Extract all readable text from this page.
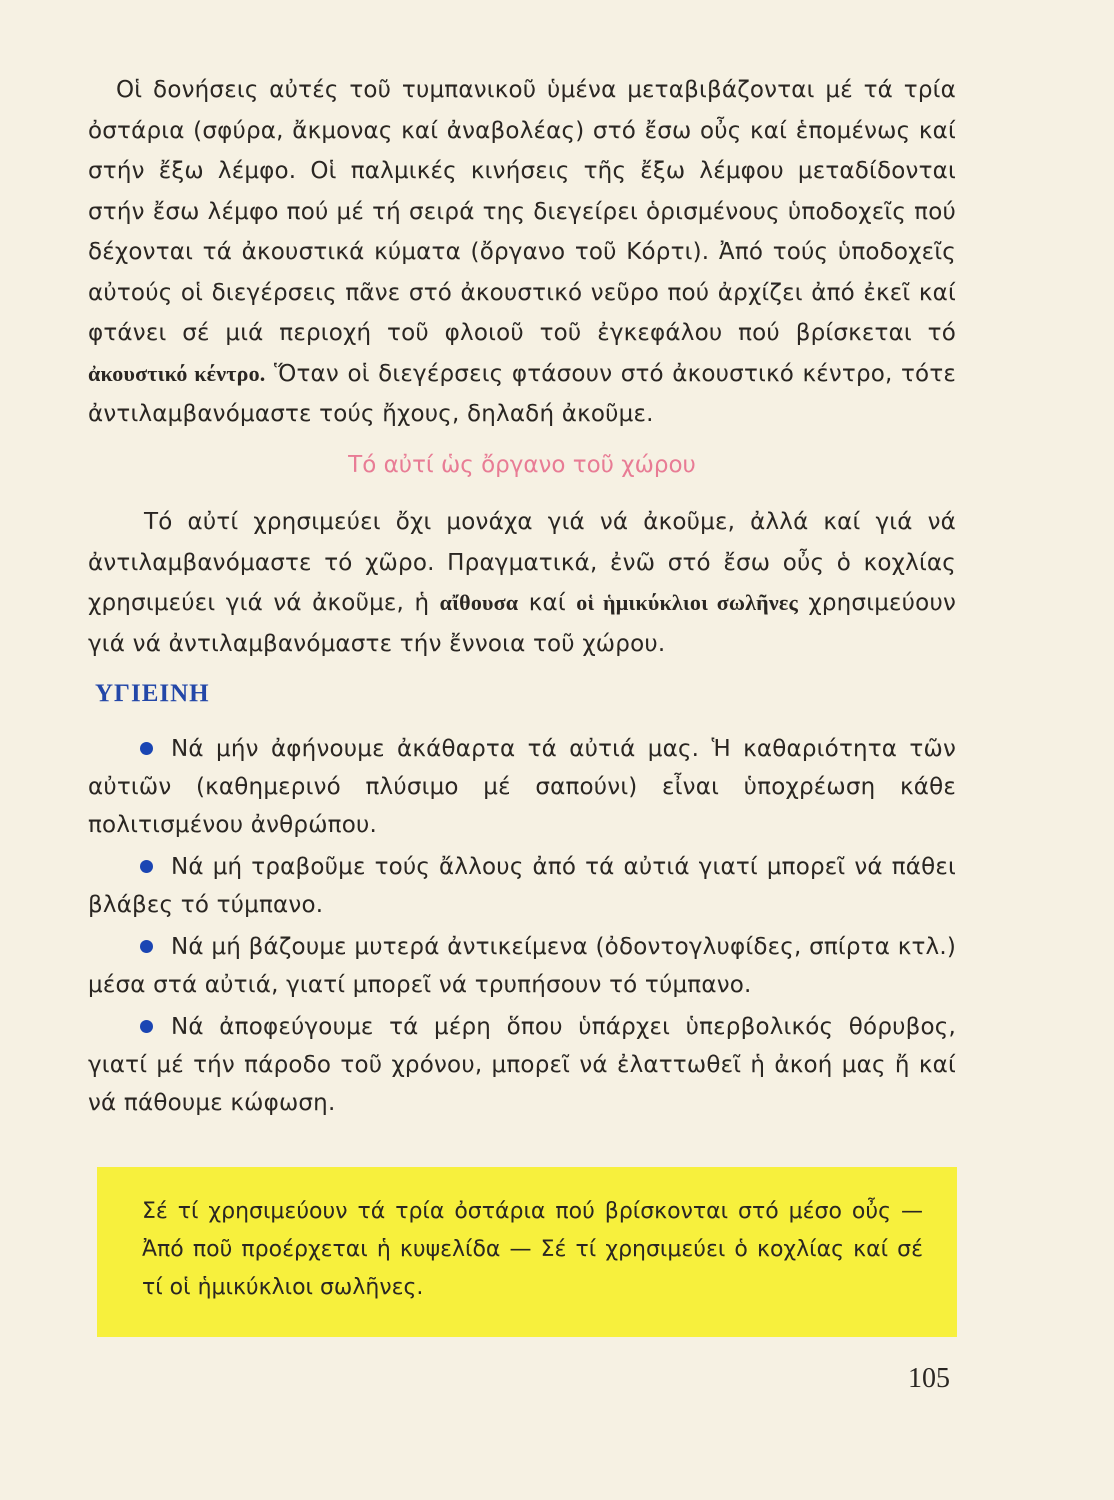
Οἱ δονήσεις αὐτές τοῦ τυμπανικοῦ ὑμένα μεταβιβάζονται μέ τά τρία ὀστάρια (σφύρα, ἄκμονας καί ἀναβολέας) στό ἔσω οὖς καί ἑπομένως καί στήν ἔξω λέμφο. Οἱ παλμικές κινήσεις τῆς ἔξω λέμφου μεταδίδονται στήν ἔσω λέμφο πού μέ τή σειρά της διεγείρει ὁρισμένους ὑποδοχεῖς πού δέχονται τά ἀκουστικά κύματα (ὄργανο τοῦ Κόρτι). Ἀπό τούς ὑποδοχεῖς αὐτούς οἱ διεγέρσεις πᾶνε στό ἀκουστικό νεῦρο πού ἀρχίζει ἀπό ἐκεῖ καί φτάνει σέ μιά περιοχή τοῦ φλοιοῦ τοῦ ἐγκεφάλου πού βρίσκεται τό ἀκουστικό κέντρο. Ὅταν οἱ διεγέρσεις φτάσουν στό ἀκουστικό κέντρο, τότε ἀντιλαμβανόμαστε τούς ἤχους, δηλαδή ἀκοῦμε.

Τό αὐτί ὡς ὄργανο τοῦ χώρου

Τό αὐτί χρησιμεύει ὄχι μονάχα γιά νά ἀκοῦμε, ἀλλά καί γιά νά ἀντιλαμβανόμαστε τό χῶρο. Πραγματικά, ἐνῶ στό ἔσω οὖς ὁ κοχλίας χρησιμεύει γιά νά ἀκοῦμε, ἡ αἴθουσα καί οἱ ἡμικύκλιοι σωλῆνες χρησιμεύουν γιά νά ἀντιλαμβανόμαστε τήν ἔννοια τοῦ χώρου.

ΥΓΙΕΙΝΗ

Νά μήν ἀφήνουμε ἀκάθαρτα τά αὐτιά μας. Ἡ καθαριότητα τῶν αὐτιῶν (καθημερινό πλύσιμο μέ σαπούνι) εἶναι ὑποχρέωση κάθε πολιτισμένου ἀνθρώπου.

Νά μή τραβοῦμε τούς ἄλλους ἀπό τά αὐτιά γιατί μπορεῖ νά πάθει βλάβες τό τύμπανο.

Νά μή βάζουμε μυτερά ἀντικείμενα (ὀδοντογλυφίδες, σπίρτα κτλ.) μέσα στά αὐτιά, γιατί μπορεῖ νά τρυπήσουν τό τύμπανο.

Νά ἀποφεύγουμε τά μέρη ὅπου ὑπάρχει ὑπερβολικός θόρυβος, γιατί μέ τήν πάροδο τοῦ χρόνου, μπορεῖ νά ἐλαττωθεῖ ἡ ἀκοή μας ἤ καί νά πάθουμε κώφωση.

Σέ τί χρησιμεύουν τά τρία ὀστάρια πού βρίσκονται στό μέσο οὖς — Ἀπό ποῦ προέρχεται ἡ κυψελίδα — Σέ τί χρησιμεύει ὁ κοχλίας καί σέ τί οἱ ἡμικύκλιοι σωλῆνες.
105
